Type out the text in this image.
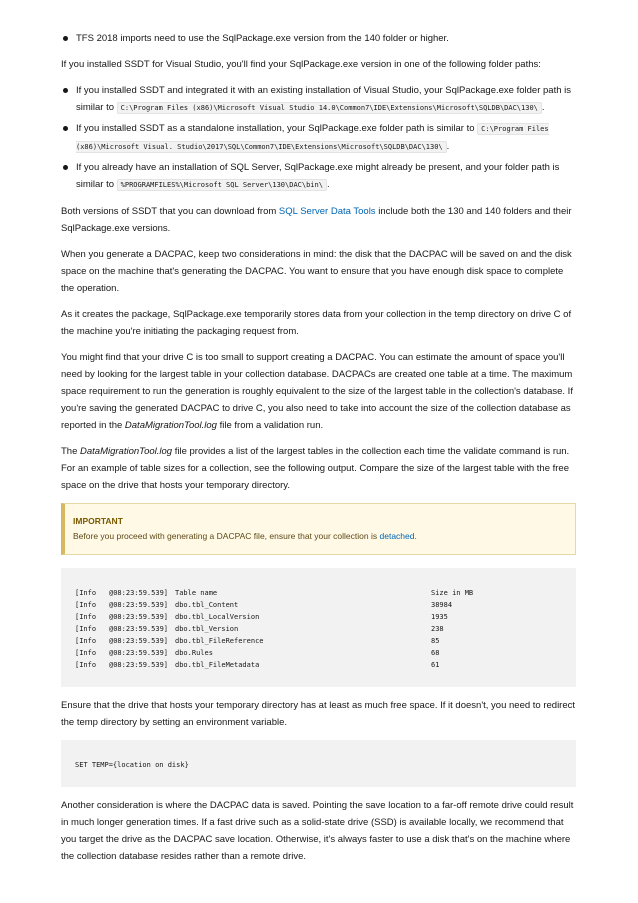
TFS 2018 imports need to use the SqlPackage.exe version from the 140 folder or higher.

If you installed SSDT for Visual Studio, you'll find your SqlPackage.exe version in one of the following folder paths:

If you installed SSDT and integrated it with an existing installation of Visual Studio, your SqlPackage.exe folder path is similar to C:\Program Files (x86)\Microsoft Visual Studio 14.0\Common7\IDE\Extensions\Microsoft\SQLDB\DAC\130\ .
If you installed SSDT as a standalone installation, your SqlPackage.exe folder path is similar to C:\Program Files (x86)\Microsoft Visual. Studio\2017\SQL\Common7\IDE\Extensions\Microsoft\SQLDB\DAC\130\ .
If you already have an installation of SQL Server, SqlPackage.exe might already be present, and your folder path is similar to %PROGRAMFILES%\Microsoft SQL Server\130\DAC\bin\ .

Both versions of SSDT that you can download from SQL Server Data Tools include both the 130 and 140 folders and their SqlPackage.exe versions.

When you generate a DACPAC, keep two considerations in mind: the disk that the DACPAC will be saved on and the disk space on the machine that's generating the DACPAC. You want to ensure that you have enough disk space to complete the operation.

As it creates the package, SqlPackage.exe temporarily stores data from your collection in the temp directory on drive C of the machine you're initiating the packaging request from.

You might find that your drive C is too small to support creating a DACPAC. You can estimate the amount of space you'll need by looking for the largest table in your collection database. DACPACs are created one table at a time. The maximum space requirement to run the generation is roughly equivalent to the size of the largest table in the collection's database. If you're saving the generated DACPAC to drive C, you also need to take into account the size of the collection database as reported in the DataMigrationTool.log file from a validation run.

The DataMigrationTool.log file provides a list of the largest tables in the collection each time the validate command is run. For an example of table sizes for a collection, see the following output. Compare the size of the largest table with the free space on the drive that hosts your temporary directory.

IMPORTANT
Before you proceed with generating a DACPAC file, ensure that your collection is detached.
[Info	@08:23:59.539] Table name	Size in MB
[Info	@08:23:59.539] dbo.tbl_Content	38984
[Info	@08:23:59.539] dbo.tbl_LocalVersion	1935
[Info	@08:23:59.539] dbo.tbl_Version	238
[Info	@08:23:59.539] dbo.tbl_FileReference	85
[Info	@08:23:59.539] dbo.Rules	68
[Info	@08:23:59.539] dbo.tbl_FileMetadata	61

Ensure that the drive that hosts your temporary directory has at least as much free space. If it doesn't, you need to redirect the temp directory by setting an environment variable.

SET TEMP={location on disk}

Another consideration is where the DACPAC data is saved. Pointing the save location to a far-off remote drive could result in much longer generation times. If a fast drive such as a solid-state drive (SSD) is available locally, we recommend that you target the drive as the DACPAC save location. Otherwise, it's always faster to use a disk that's on the machine where the collection database resides rather than a remote drive.
